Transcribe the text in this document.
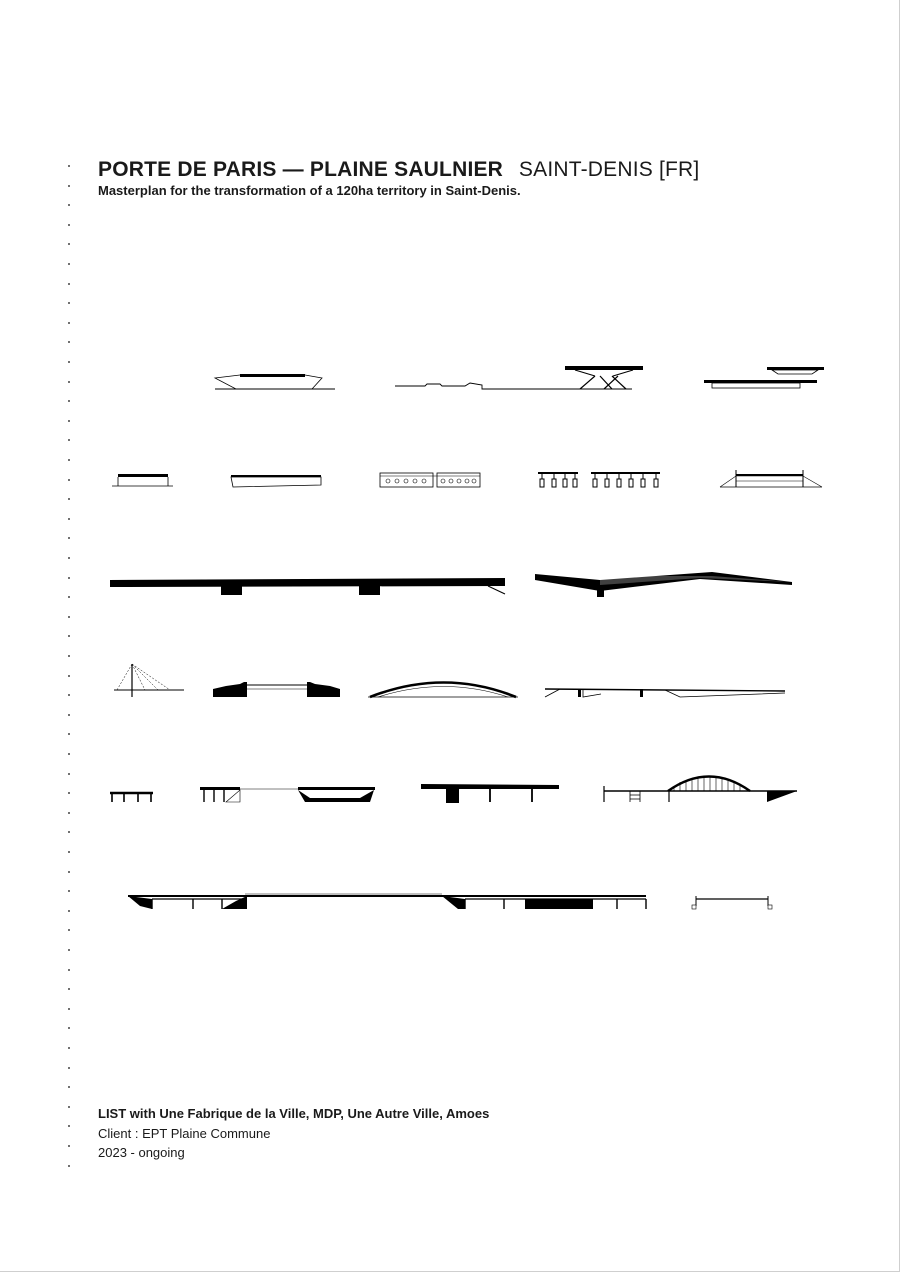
PORTE DE PARIS — PLAINE SAULNIER SAINT-DENIS [FR]
Masterplan for the transformation of a 120ha territory in Saint-Denis.
LIST with Une Fabrique de la Ville, MDP, Une Autre Ville, Amoes
Client : EPT Plaine Commune
2023 - ongoing
